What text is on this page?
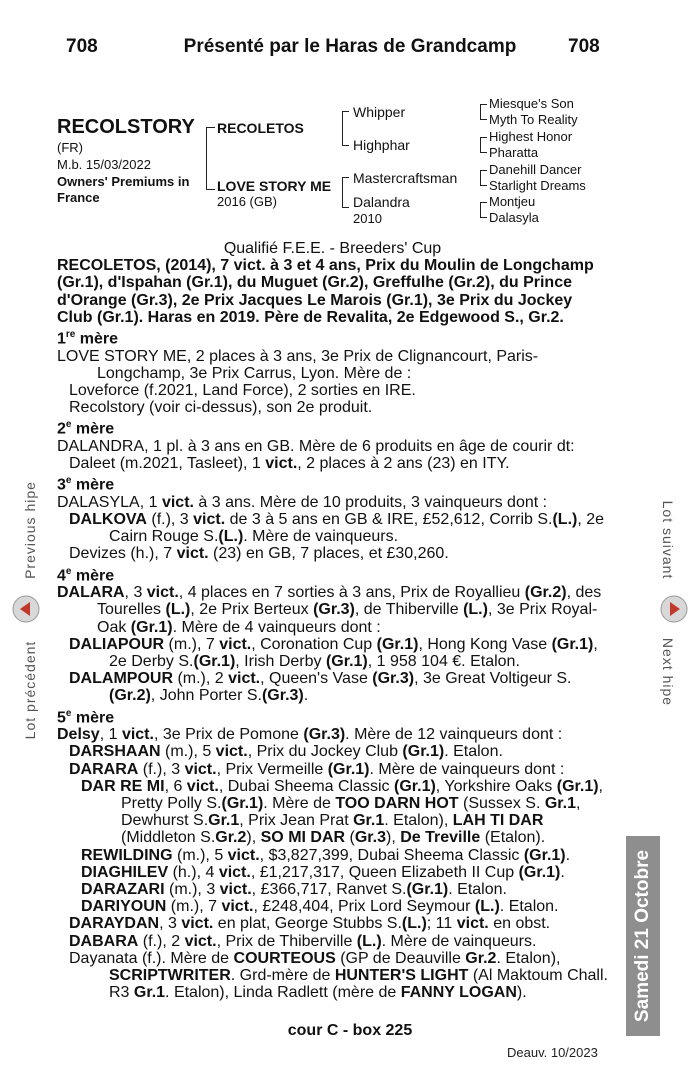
708	Présenté par le Haras de Grandcamp	708
RECOLSTORY
(FR)
M.b. 15/03/2022
Owners' Premiums in
France
RECOLETOS
LOVE STORY ME
2016 (GB)
Whipper
Highphar
Mastercraftsman
Dalandra
2010
Miesque's Son
Myth To Reality
Highest Honor
Pharatta
Danehill Dancer
Starlight Dreams
Montjeu
Dalasyla

Qualifié F.E.E. - Breeders' Cup

RECOLETOS, (2014), 7 vict. à 3 et 4 ans, Prix du Moulin de Longchamp (Gr.1), d'Ispahan (Gr.1), du Muguet (Gr.2), Greffulhe (Gr.2), du Prince d'Orange (Gr.3), 2e Prix Jacques Le Marois (Gr.1), 3e Prix du Jockey Club (Gr.1). Haras en 2019. Père de Revalita, 2e Edgewood S., Gr.2.

1re mère

LOVE STORY ME, 2 places à 3 ans, 3e Prix de Clignancourt, Paris-Longchamp, 3e Prix Carrus, Lyon. Mère de :

Loveforce (f.2021, Land Force), 2 sorties en IRE.

Recolstory (voir ci-dessus), son 2e produit.

2e mère

DALANDRA, 1 pl. à 3 ans en GB. Mère de 6 produits en âge de courir dt:

Daleet (m.2021, Tasleet), 1 vict., 2 places à 2 ans (23) en ITY.

3e mère

DALASYLA, 1 vict. à 3 ans. Mère de 10 produits, 3 vainqueurs dont :

DALKOVA (f.), 3 vict. de 3 à 5 ans en GB & IRE, £52,612, Corrib S.(L.), 2e Cairn Rouge S.(L.). Mère de vainqueurs.

Devizes (h.), 7 vict. (23) en GB, 7 places, et £30,260.

4e mère

DALARA, 3 vict., 4 places en 7 sorties à 3 ans, Prix de Royallieu (Gr.2), des Tourelles (L.), 2e Prix Berteux (Gr.3), de Thiberville (L.), 3e Prix Royal-Oak (Gr.1). Mère de 4 vainqueurs dont :

DALIAPOUR (m.), 7 vict., Coronation Cup (Gr.1), Hong Kong Vase (Gr.1), 2e Derby S.(Gr.1), Irish Derby (Gr.1), 1 958 104 €. Etalon.

DALAMPOUR (m.), 2 vict., Queen's Vase (Gr.3), 3e Great Voltigeur S.(Gr.2), John Porter S.(Gr.3).

5e mère

Delsy, 1 vict., 3e Prix de Pomone (Gr.3). Mère de 12 vainqueurs dont :

DARSHAAN (m.), 5 vict., Prix du Jockey Club (Gr.1). Etalon.

DARARA (f.), 3 vict., Prix Vermeille (Gr.1). Mère de vainqueurs dont :

DAR RE MI, 6 vict., Dubai Sheema Classic (Gr.1), Yorkshire Oaks (Gr.1), Pretty Polly S.(Gr.1). Mère de TOO DARN HOT (Sussex S. Gr.1, Dewhurst S.Gr.1, Prix Jean Prat Gr.1. Etalon), LAH TI DAR (Middleton S.Gr.2), SO MI DAR (Gr.3), De Treville (Etalon).

REWILDING (m.), 5 vict., $3,827,399, Dubai Sheema Classic (Gr.1).

DIAGHILEV (h.), 4 vict., £1,217,317, Queen Elizabeth II Cup (Gr.1).

DARAZARI (m.), 3 vict., £366,717, Ranvet S.(Gr.1). Etalon.

DARIYOUN (m.), 7 vict., £248,404, Prix Lord Seymour (L.). Etalon.

DARAYDAN, 3 vict. en plat, George Stubbs S.(L.); 11 vict. en obst.

DABARA (f.), 2 vict., Prix de Thiberville (L.). Mère de vainqueurs.

Dayanata (f.). Mère de COURTEOUS (GP de Deauville Gr.2. Etalon), SCRIPTWRITER. Grd-mère de HUNTER'S LIGHT (Al Maktoum Chall. R3 Gr.1. Etalon), Linda Radlett (mère de FANNY LOGAN).

Previous hipe
Lot précédent
Lot suivant
Next hipe
Samedi 21 Octobre
cour C - box 225
Deauv. 10/2023
